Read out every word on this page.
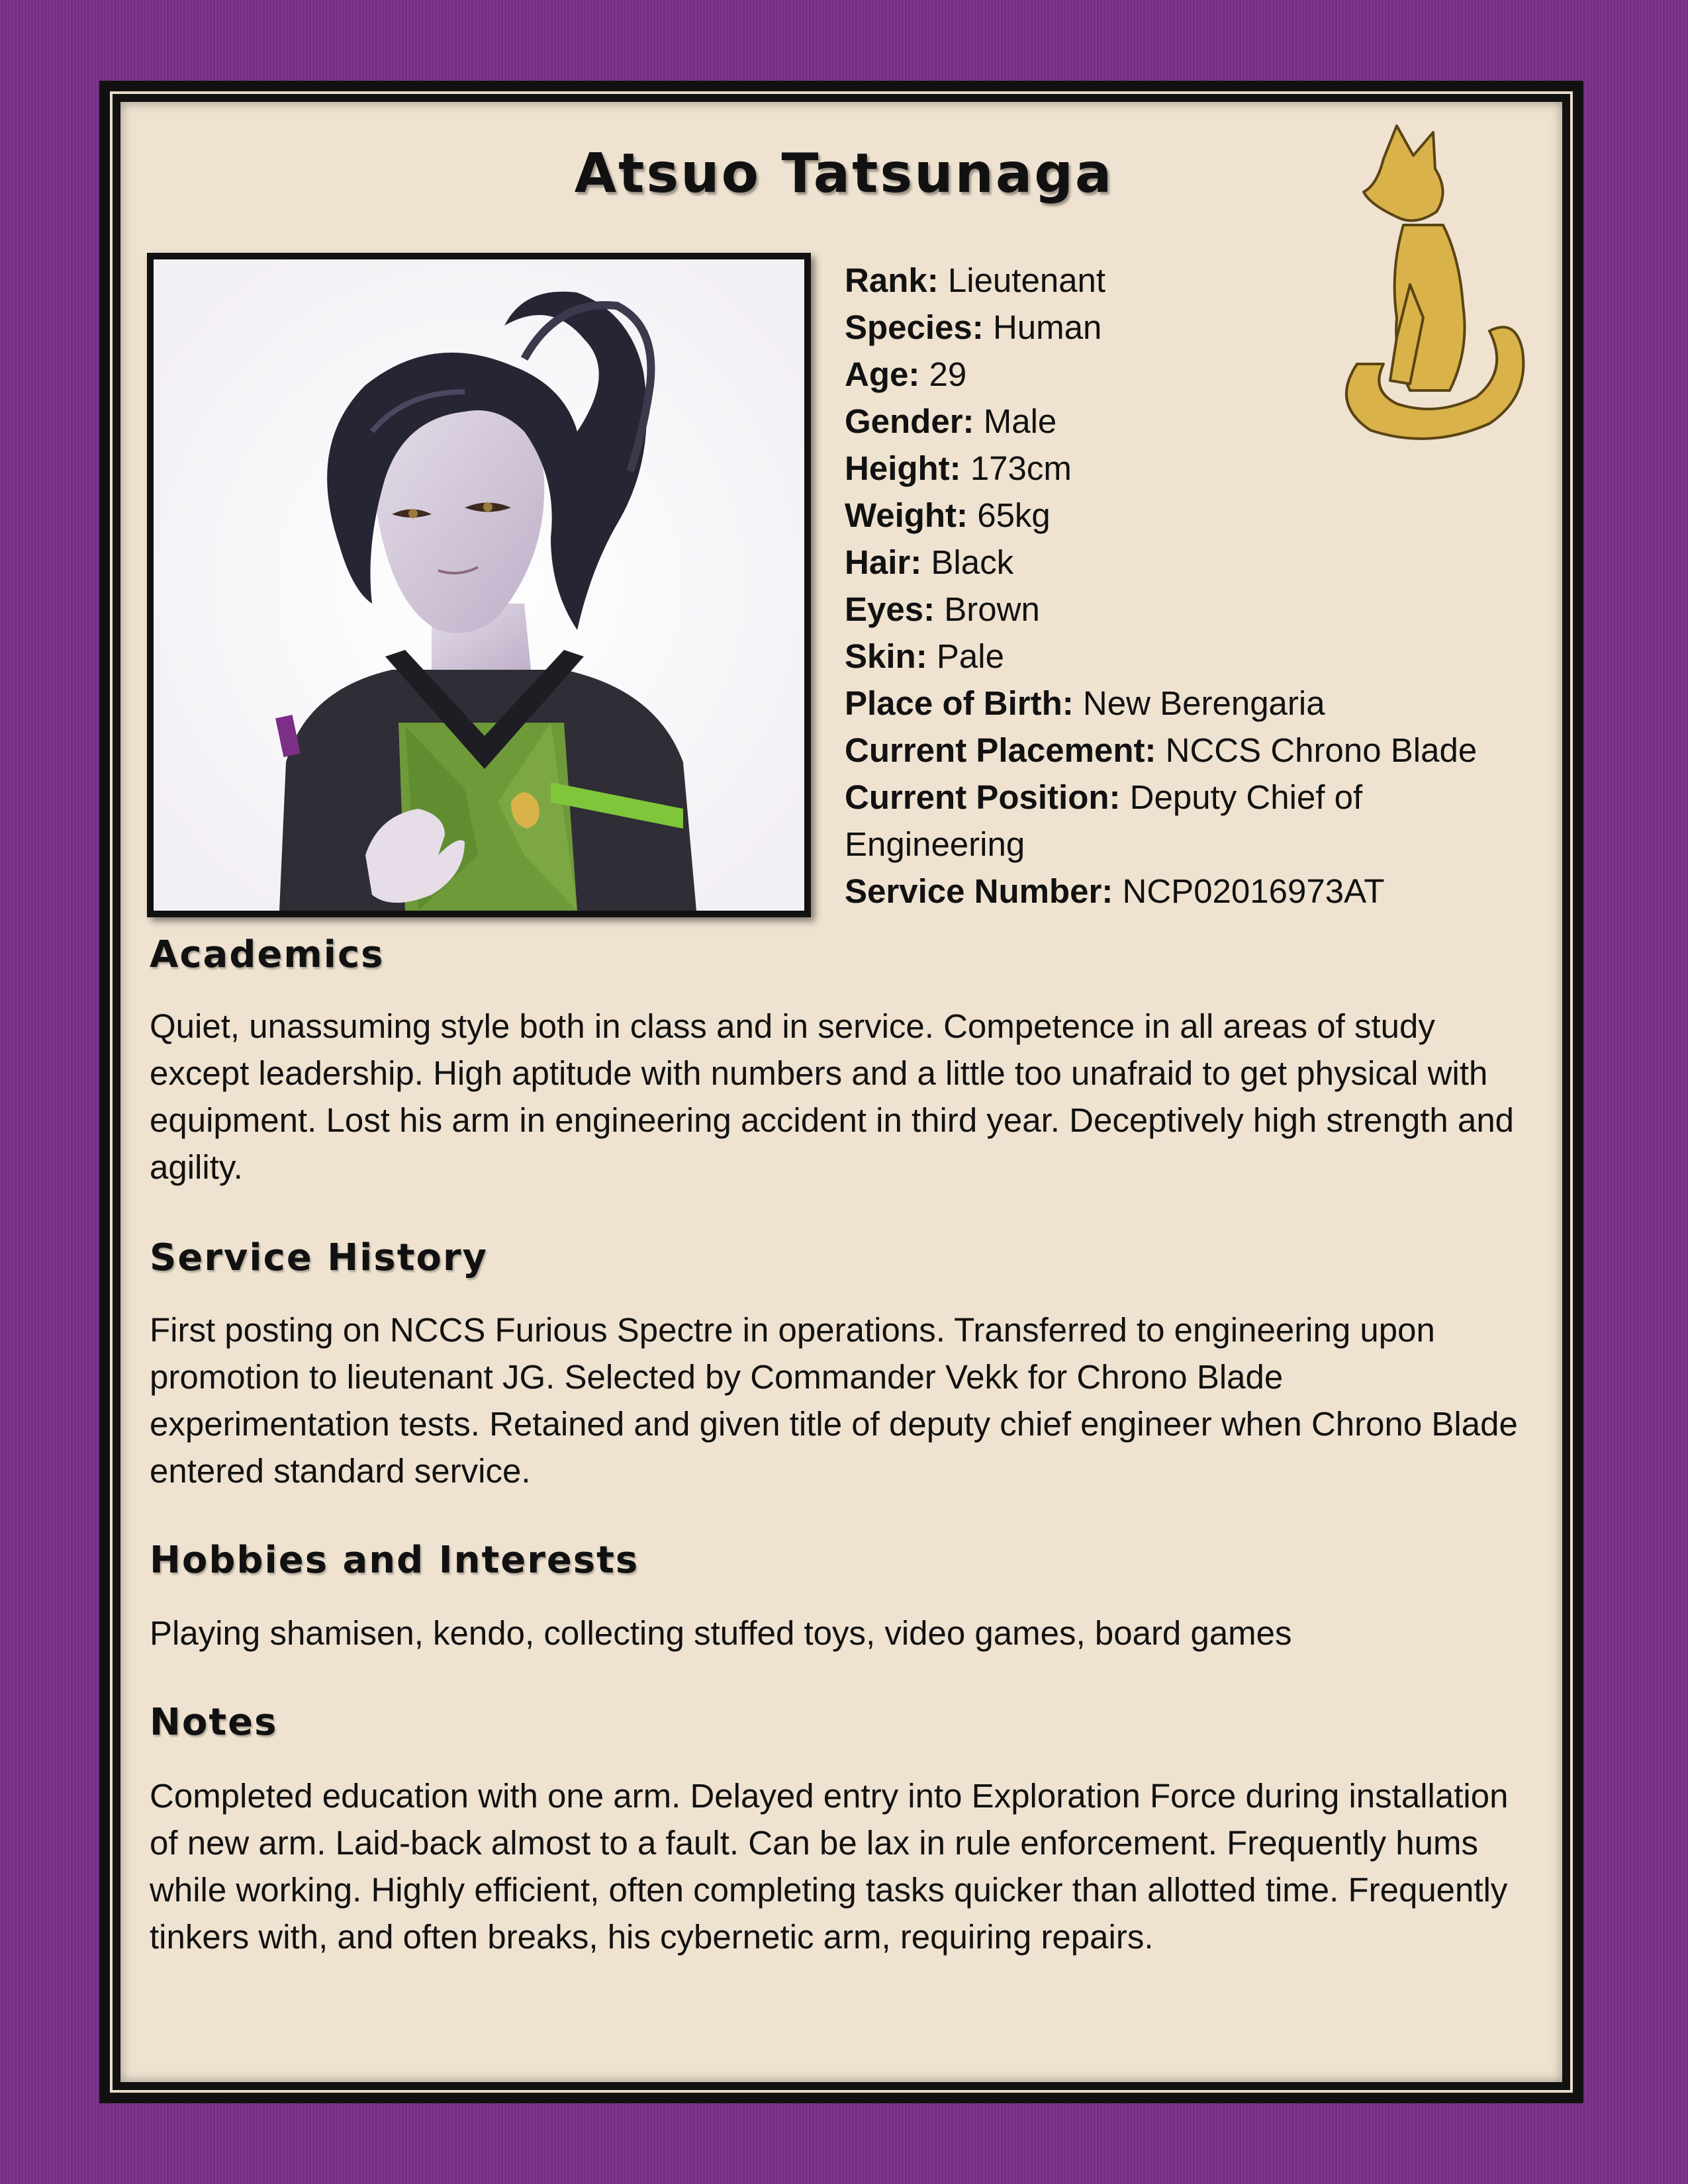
Atsuo Tatsunaga

Rank: Lieutenant

Species: Human

Age: 29

Gender: Male

Height: 173cm

Weight: 65kg

Hair: Black

Eyes: Brown

Skin: Pale

Place of Birth: New Berengaria

Current Placement: NCCS Chrono Blade

Current Position: Deputy Chief of Engineering

Service Number: NCP02016973AT

Academics
Quiet, unassuming style both in class and in service. Competence in all areas of study except leadership. High aptitude with numbers and a little too unafraid to get physical with equipment. Lost his arm in engineering accident in third year. Deceptively high strength and agility.
Service History
First posting on NCCS Furious Spectre in operations. Transferred to engineering upon promotion to lieutenant JG. Selected by Commander Vekk for Chrono Blade experimentation tests. Retained and given title of deputy chief engineer when Chrono Blade entered standard service.
Hobbies and Interests
Playing shamisen, kendo, collecting stuffed toys, video games, board games
Notes
Completed education with one arm. Delayed entry into Exploration Force during installation of new arm. Laid-back almost to a fault. Can be lax in rule enforcement. Frequently hums while working. Highly efficient, often completing tasks quicker than allotted time. Frequently tinkers with, and often breaks, his cybernetic arm, requiring repairs.
